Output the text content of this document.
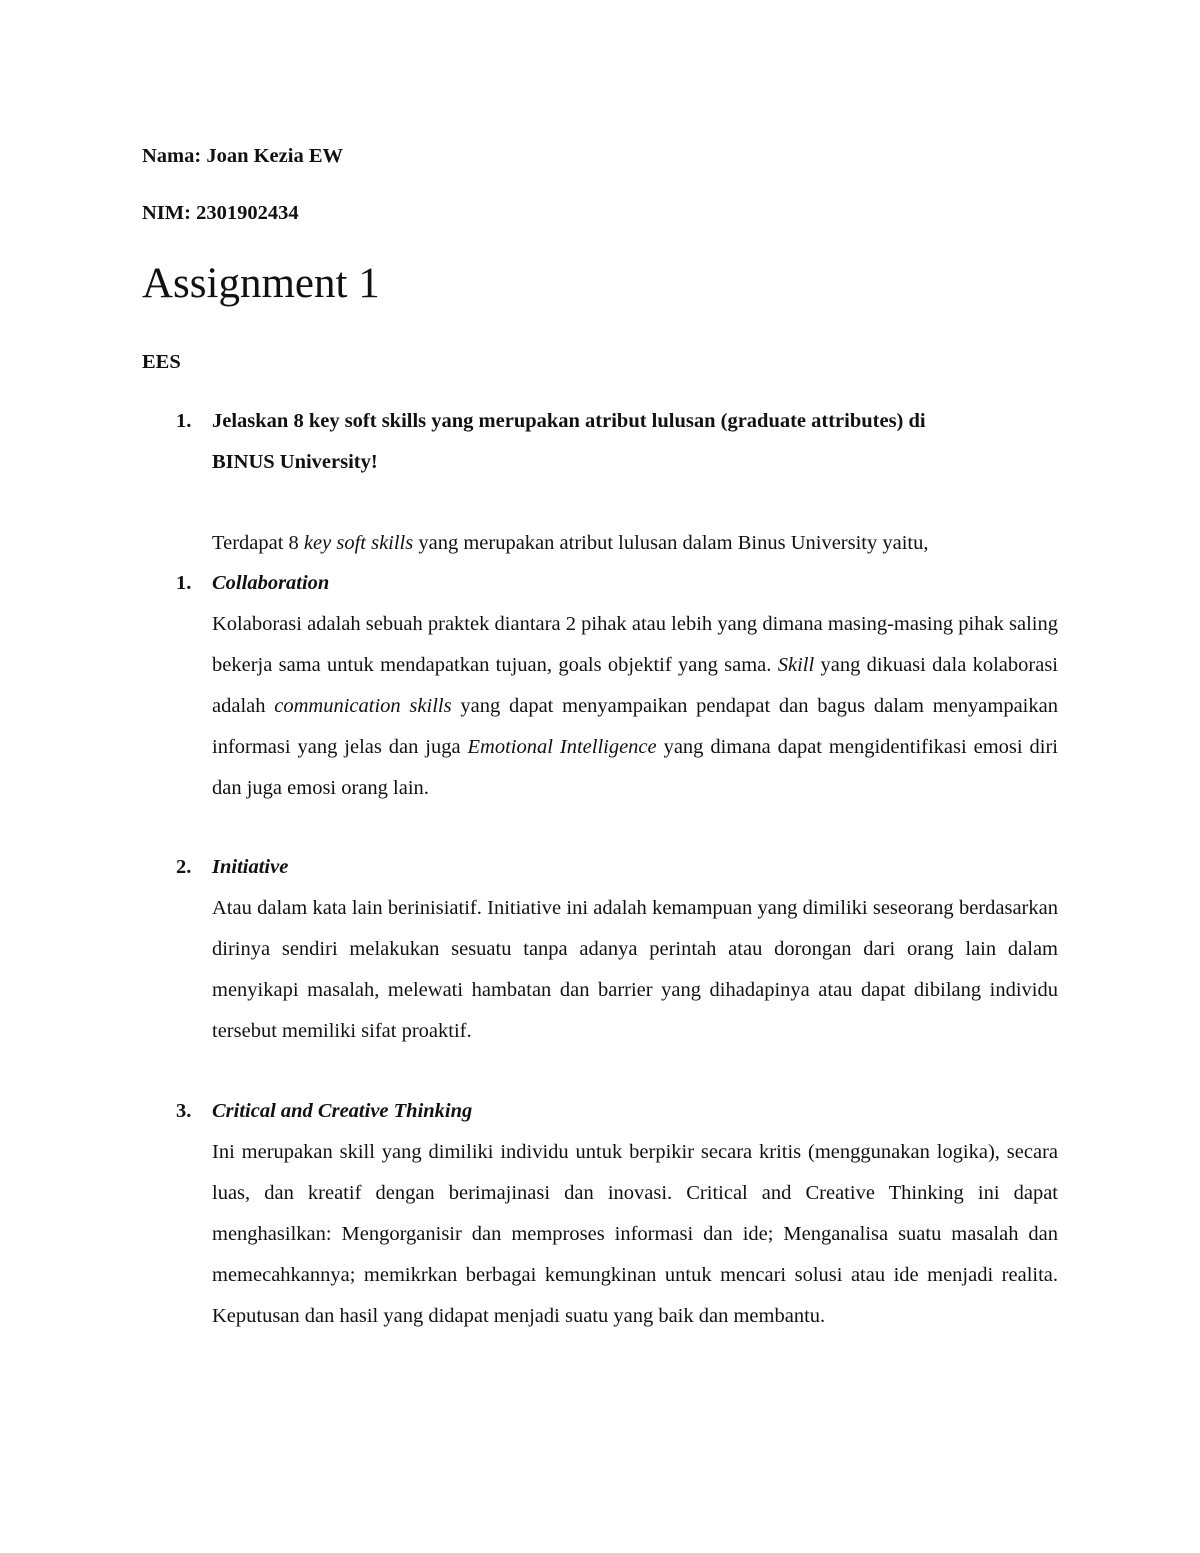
Nama: Joan Kezia EW
NIM: 2301902434
Assignment 1
EES
1. Jelaskan 8 key soft skills yang merupakan atribut lulusan (graduate attributes) di
BINUS University!
Terdapat 8 key soft skills yang merupakan atribut lulusan dalam Binus University yaitu,
1. Collaboration
Kolaborasi adalah sebuah praktek diantara 2 pihak atau lebih yang dimana masing-masing pihak saling bekerja sama untuk mendapatkan tujuan, goals objektif yang sama. Skill yang dikuasi dala kolaborasi adalah communication skills yang dapat menyampaikan pendapat dan bagus dalam menyampaikan informasi yang jelas dan juga Emotional Intelligence yang dimana dapat mengidentifikasi emosi diri dan juga emosi orang lain.
2. Initiative
Atau dalam kata lain berinisiatif. Initiative ini adalah kemampuan yang dimiliki seseorang berdasarkan dirinya sendiri melakukan sesuatu tanpa adanya perintah atau dorongan dari orang lain dalam menyikapi masalah, melewati hambatan dan barrier yang dihadapinya atau dapat dibilang individu tersebut memiliki sifat proaktif.
3. Critical and Creative Thinking
Ini merupakan skill yang dimiliki individu untuk berpikir secara kritis (menggunakan logika), secara luas, dan kreatif dengan berimajinasi dan inovasi. Critical and Creative Thinking ini dapat menghasilkan: Mengorganisir dan memproses informasi dan ide; Menganalisa suatu masalah dan memecahkannya; memikrkan berbagai kemungkinan untuk mencari solusi atau ide menjadi realita. Keputusan dan hasil yang didapat menjadi suatu yang baik dan membantu.
